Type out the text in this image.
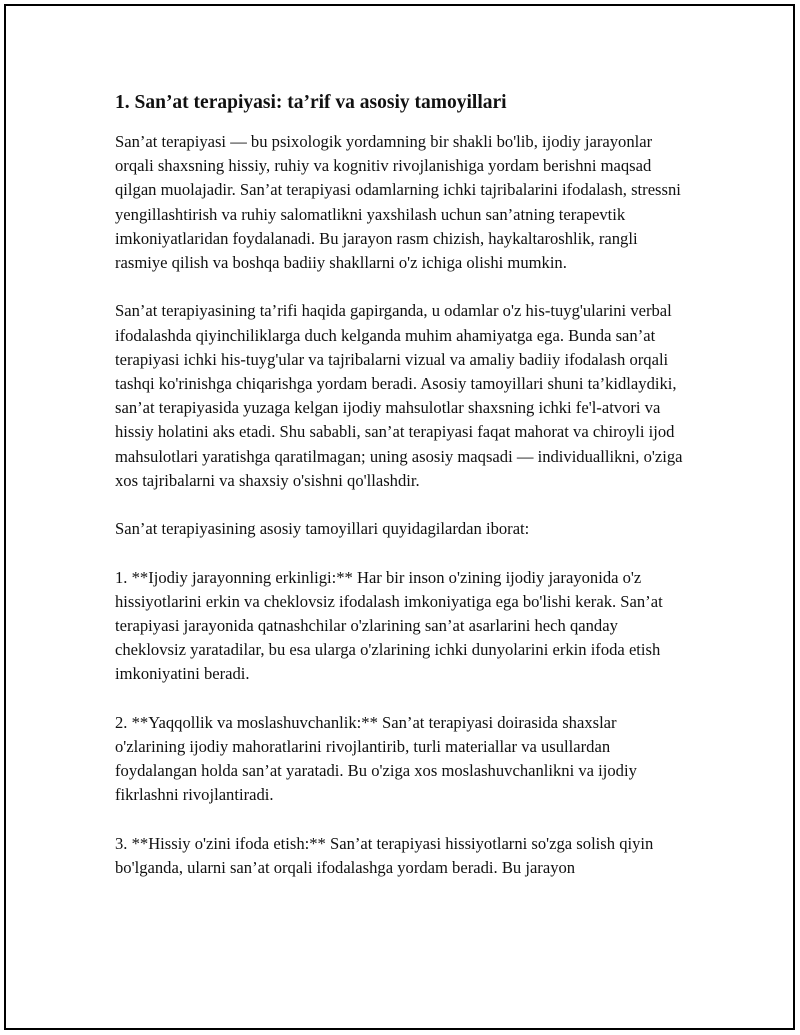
1. San’at terapiyasi: ta’rif va asosiy tamoyillari

San’at terapiyasi — bu psixologik yordamning bir shakli bo'lib, ijodiy jarayonlar orqali shaxsning hissiy, ruhiy va kognitiv rivojlanishiga yordam berishni maqsad qilgan muolajadir. San’at terapiyasi odamlarning ichki tajribalarini ifodalash, stressni yengillashtirish va ruhiy salomatlikni yaxshilash uchun san’atning terapevtik imkoniyatlaridan foydalanadi. Bu jarayon rasm chizish, haykaltaroshlik, rangli rasmiye qilish va boshqa badiiy shakllarni o'z ichiga olishi mumkin.

San’at terapiyasining ta’rifi haqida gapirganda, u odamlar o'z his-tuyg'ularini verbal ifodalashda qiyinchiliklarga duch kelganda muhim ahamiyatga ega. Bunda san’at terapiyasi ichki his-tuyg'ular va tajribalarni vizual va amaliy badiiy ifodalash orqali tashqi ko'rinishga chiqarishga yordam beradi. Asosiy tamoyillari shuni ta’kidlaydiki, san’at terapiyasida yuzaga kelgan ijodiy mahsulotlar shaxsning ichki fe'l-atvori va hissiy holatini aks etadi. Shu sababli, san’at terapiyasi faqat mahorat va chiroyli ijod mahsulotlari yaratishga qaratilmagan; uning asosiy maqsadi — individuallikni, o'ziga xos tajribalarni va shaxsiy o'sishni qo'llashdir.

San’at terapiyasining asosiy tamoyillari quyidagilardan iborat:

1. **Ijodiy jarayonning erkinligi:** Har bir inson o'zining ijodiy jarayonida o'z hissiyotlarini erkin va cheklovsiz ifodalash imkoniyatiga ega bo'lishi kerak. San’at terapiyasi jarayonida qatnashchilar o'zlarining san’at asarlarini hech qanday cheklovsiz yaratadilar, bu esa ularga o'zlarining ichki dunyolarini erkin ifoda etish imkoniyatini beradi.

2. **Yaqqollik va moslashuvchanlik:** San’at terapiyasi doirasida shaxslar o'zlarining ijodiy mahoratlarini rivojlantirib, turli materiallar va usullardan foydalangan holda san’at yaratadi. Bu o'ziga xos moslashuvchanlikni va ijodiy fikrlashni rivojlantiradi.

3. **Hissiy o'zini ifoda etish:** San’at terapiyasi hissiyotlarni so'zga solish qiyin bo'lganda, ularni san’at orqali ifodalashga yordam beradi. Bu jarayon
